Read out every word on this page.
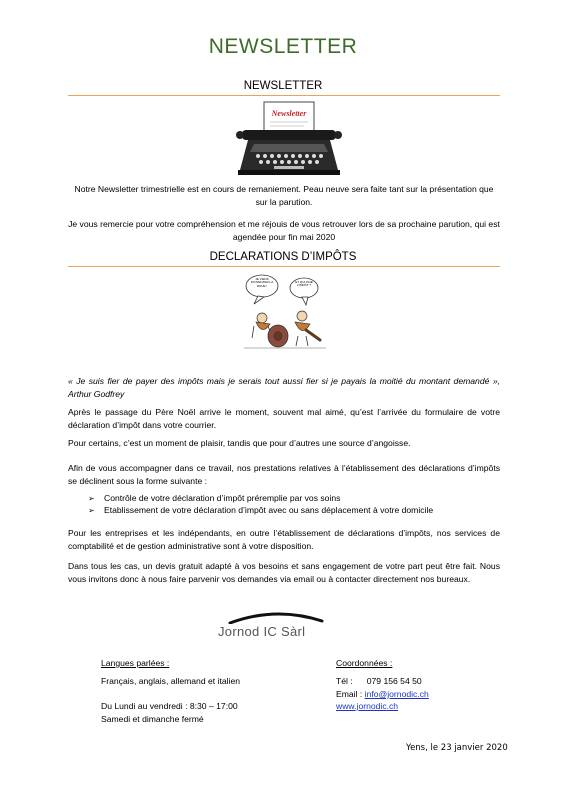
NEWSLETTER
NEWSLETTER
Newsletter
Notre Newsletter trimestrielle est en cours de remaniement. Peau neuve sera faite tant sur la présentation que sur la parution.
Je vous remercie pour votre compréhension et me réjouis de vous retrouver lors de sa prochaine parution, qui est agendée pour fin mai 2020
DECLARATIONS D’IMPÔTS
JE VIENS D'INVENTER LA ROUE !
ET QUI PAIE L'IMPÔT ?
« Je suis fier de payer des impôts mais je serais tout aussi fier si je payais la moitié du montant demandé », Arthur Godfrey
Après le passage du Père Noël arrive le moment, souvent mal aimé, qu’est l’arrivée du formulaire de votre déclaration d’impôt dans votre courrier.
Pour certains, c’est un moment de plaisir, tandis que pour d’autres une source d’angoisse.
Afin de vous accompagner dans ce travail, nos prestations relatives à l’établissement des déclarations d’impôts se déclinent sous la forme suivante :
➢ Contrôle de votre déclaration d’impôt préremplie par vos soins
➢ Etablissement de votre déclaration d’impôt avec ou sans déplacement à votre domicile
Pour les entreprises et les indépendants, en outre l’établissement de déclarations d’impôts, nos services de comptabilité et de gestion administrative sont à votre disposition.
Dans tous les cas, un devis gratuit adapté à vos besoins et sans engagement de votre part peut être fait. Nous vous invitons donc à nous faire parvenir vos demandes via email ou à contacter directement nos bureaux.
Jornod IC Sàrl
Langues parlées :
Français, anglais, allemand et italien
Du Lundi au vendredi : 8:30 – 17:00
Samedi et dimanche fermé
Coordonnées :
Tél : 079 156 54 50
Email : info@jornodic.ch
www.jornodic.ch
Yens, le 23 janvier 2020
